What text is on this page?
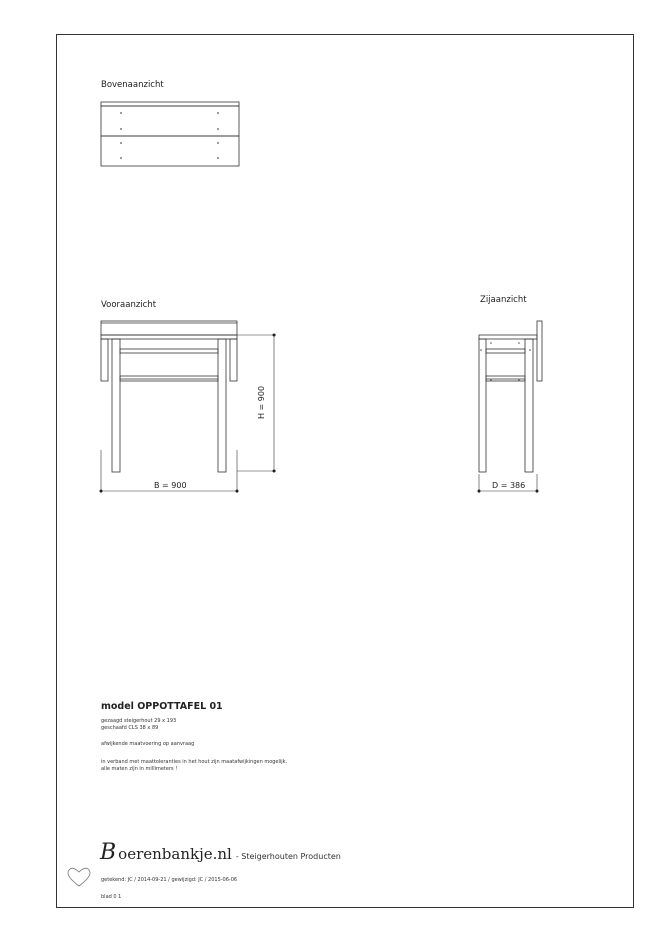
Bovenaanzicht
Vooraanzicht	Zijaanzicht
B = 900
H = 900
D = 386
model OPPOTTAFEL 01
gezaagd steigerhout 29 x 193
geschaafd CLS 38 x 89
afwijkende maatvoering op aanvraag
in verband met maattoleranties in het hout zijn maatafwijkingen mogelijk.
alle maten zijn in millimeters !
B oerenbankje.nl - Steigerhouten Producten
getekend: JC / 2014-09-21 / gewijzigd: JC / 2015-06-06
blad 0 1
